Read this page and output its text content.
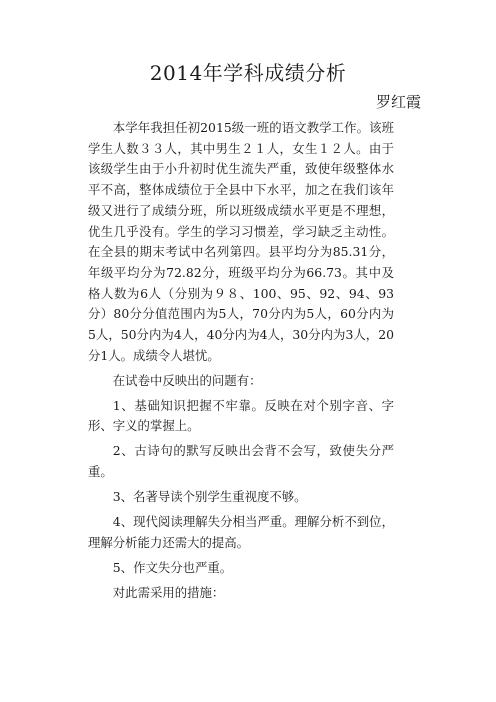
2014年学科成绩分析
罗红霞

本学年我担任初2015级一班的语文教学工作。该班学生人数３３人，其中男生２１人，女生１２人。由于该级学生由于小升初时优生流失严重，致使年级整体水平不高，整体成绩位于全县中下水平，加之在我们该年级又进行了成绩分班，所以班级成绩水平更是不理想，优生几乎没有。学生的学习习惯差，学习缺乏主动性。在全县的期末考试中名列第四。县平均分为85.31分，年级平均分为72.82分，班级平均分为66.73。其中及格人数为6人（分别为９８、100、95、92、94、93 分）80分分值范围内为5人，70分内为5人，60分内为5人，50分内为4人，40分内为4人，30分内为3人，20分1人。成绩令人堪忧。

在试卷中反映出的问题有：

1、基础知识把握不牢靠。反映在对个别字音、字形、字义的掌握上。

2、古诗句的默写反映出会背不会写，致使失分严重。

3、名著导读个别学生重视度不够。

4、现代阅读理解失分相当严重。理解分析不到位，理解分析能力还需大的提高。

5、作文失分也严重。

对此需采用的措施：
